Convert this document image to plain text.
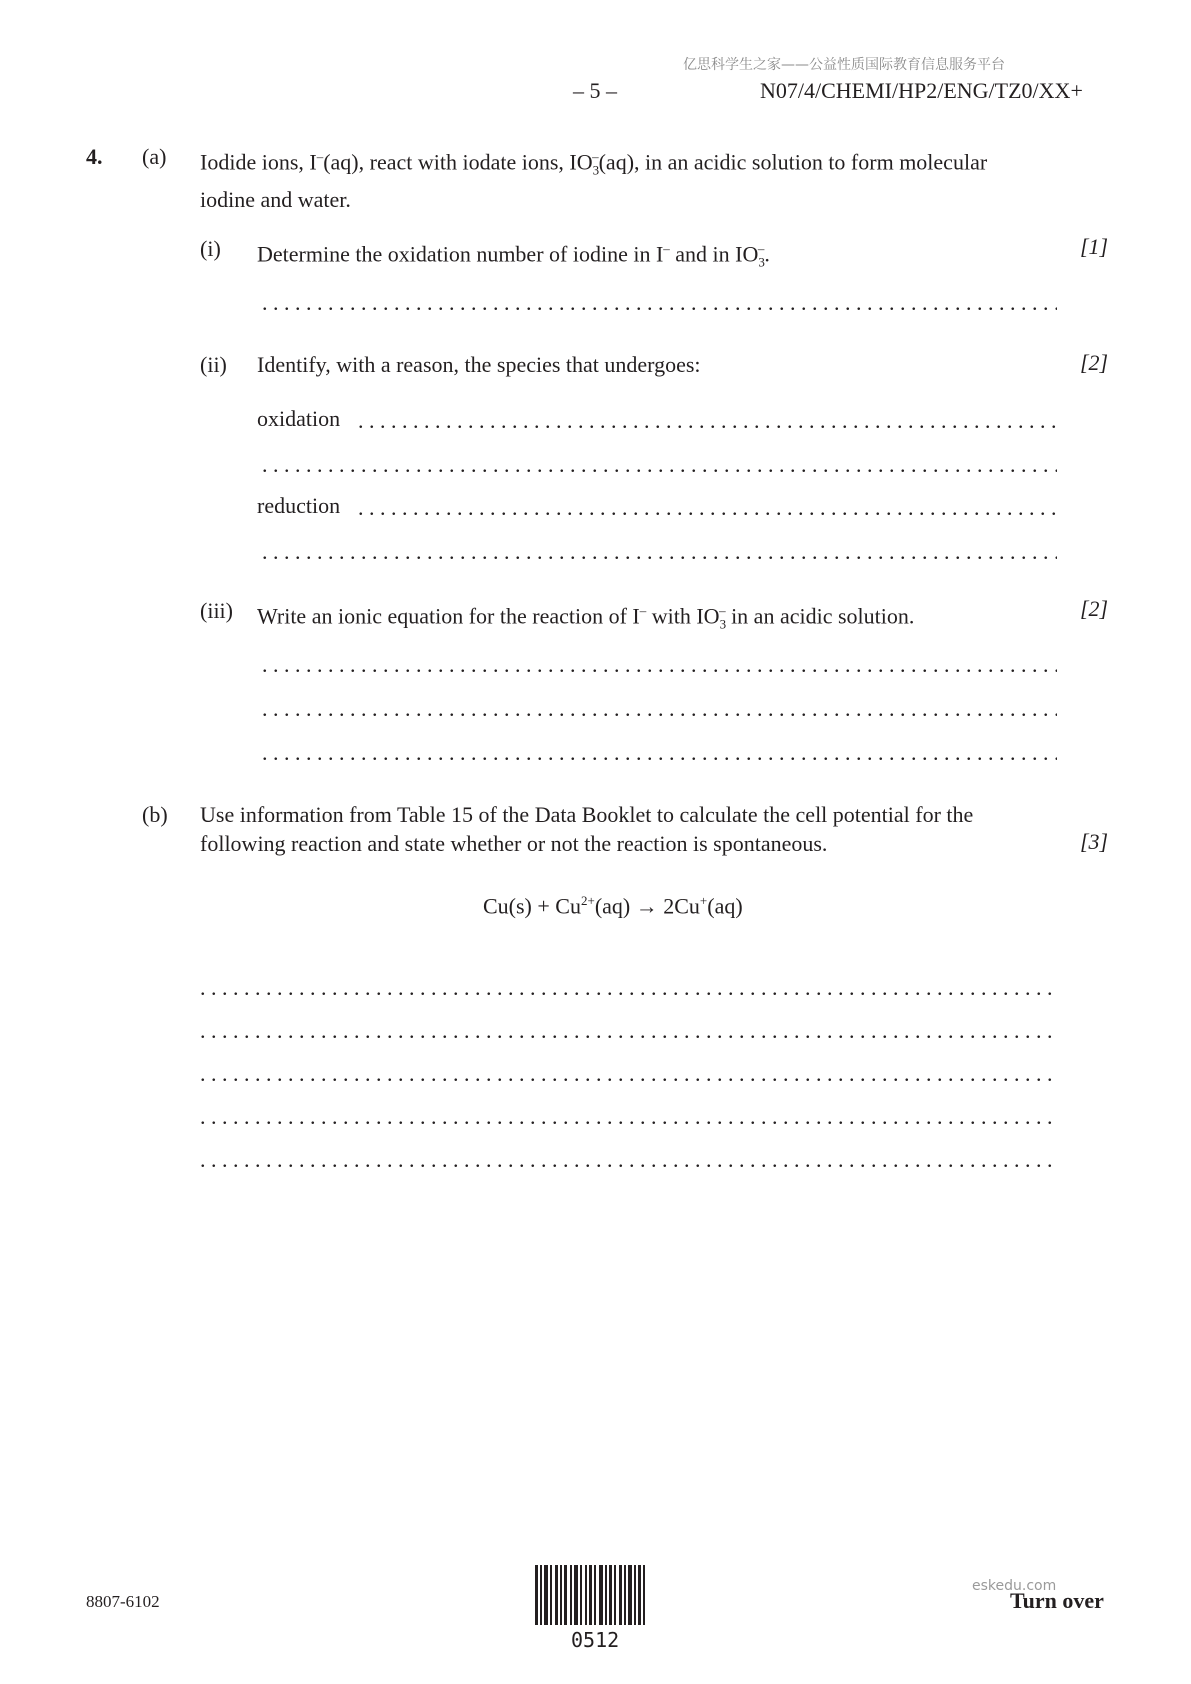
亿思科学生之家——公益性质国际教育信息服务平台
– 5 –	N07/4/CHEMI/HP2/ENG/TZ0/XX+
4. (a) Iodide ions, I–(aq), react with iodate ions, $IO_3^-(aq)$, in an acidic solution to form molecular
iodine and water.
(i) Determine the oxidation number of iodine in I– and in $IO_3^-$.	[1]
. . .
(ii) Identify, with a reason, the species that undergoes:	[2]
oxidation
. . .
. . .
reduction
. . .
. . .
(iii) Write an ionic equation for the reaction of I– with $IO_3^-$ in an acidic solution.	[2]
. . .
. . .
. . .
(b) Use information from Table 15 of the Data Booklet to calculate the cell potential for the
following reaction and state whether or not the reaction is spontaneous.	[3]
$Cu(s) + Cu^{2+}(aq) \to 2Cu^+(aq)$
. . .
. . .
. . .
. . .
. . .
8807-6102
0512
eskedu.com
Turn over
